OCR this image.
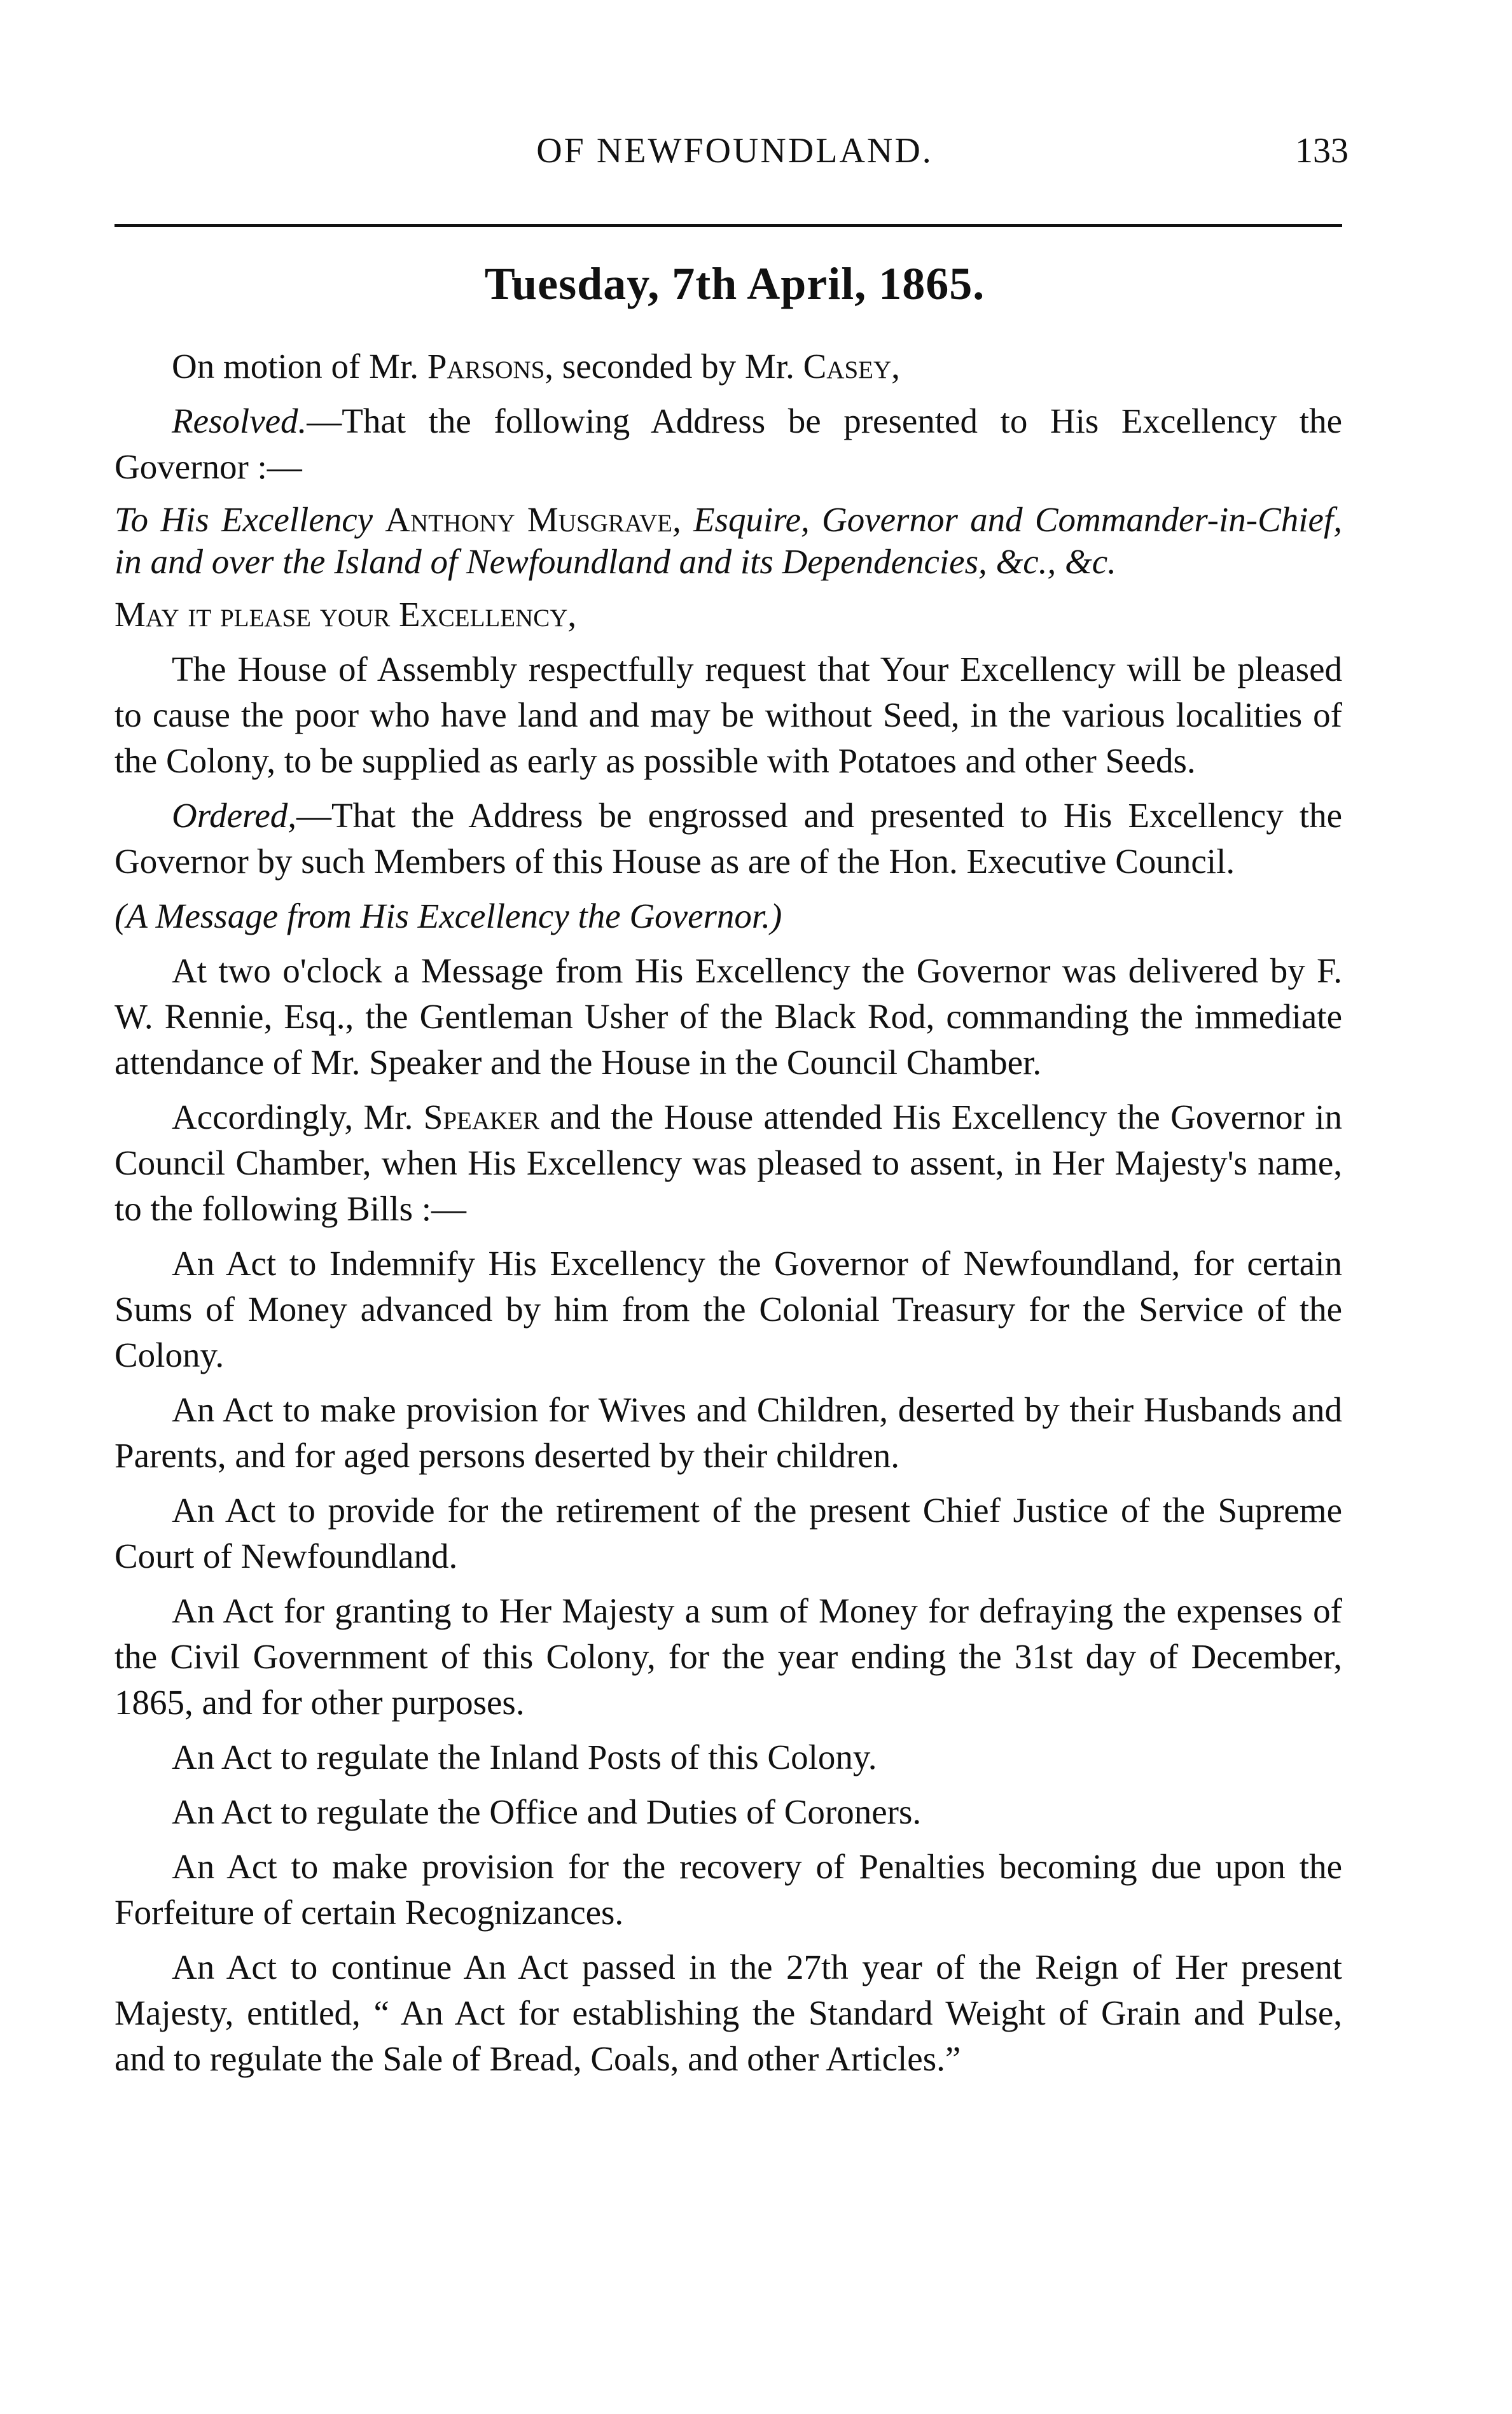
OF NEWFOUNDLAND.	133
Tuesday, 7th April, 1865.

On motion of Mr. Parsons, seconded by Mr. Casey,

Resolved.—That the following Address be presented to His Excellency the Governor :—

To His Excellency Anthony Musgrave, Esquire, Governor and Commander-in-Chief, in and over the Island of Newfoundland and its Dependencies, &c., &c.

May it please your Excellency,

The House of Assembly respectfully request that Your Excellency will be pleased to cause the poor who have land and may be without Seed, in the various localities of the Colony, to be supplied as early as possible with Potatoes and other Seeds.

Ordered,—That the Address be engrossed and presented to His Excellency the Governor by such Members of this House as are of the Hon. Executive Council.

(A Message from His Excellency the Governor.)

At two o'clock a Message from His Excellency the Governor was delivered by F. W. Rennie, Esq., the Gentleman Usher of the Black Rod, commanding the immediate attendance of Mr. Speaker and the House in the Council Chamber.

Accordingly, Mr. Speaker and the House attended His Excellency the Governor in Council Chamber, when His Excellency was pleased to assent, in Her Majesty's name, to the following Bills :—

An Act to Indemnify His Excellency the Governor of Newfoundland, for certain Sums of Money advanced by him from the Colonial Treasury for the Service of the Colony.

An Act to make provision for Wives and Children, deserted by their Husbands and Parents, and for aged persons deserted by their children.

An Act to provide for the retirement of the present Chief Justice of the Supreme Court of Newfoundland.

An Act for granting to Her Majesty a sum of Money for defraying the expenses of the Civil Government of this Colony, for the year ending the 31st day of December, 1865, and for other purposes.

An Act to regulate the Inland Posts of this Colony.

An Act to regulate the Office and Duties of Coroners.

An Act to make provision for the recovery of Penalties becoming due upon the Forfeiture of certain Recognizances.

An Act to continue An Act passed in the 27th year of the Reign of Her present Majesty, entitled, “ An Act for establishing the Standard Weight of Grain and Pulse, and to regulate the Sale of Bread, Coals, and other Articles.”
